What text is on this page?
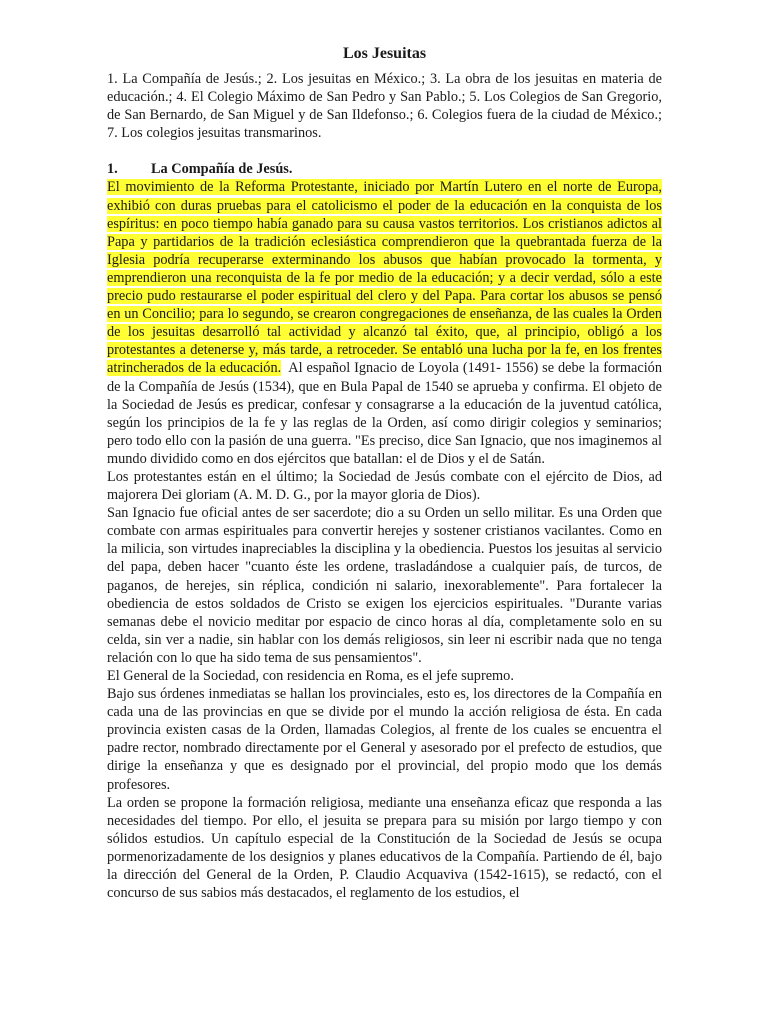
Los Jesuitas
1. La Compañía de Jesús.; 2. Los jesuitas en México.; 3. La obra de los jesuitas en materia de educación.; 4. El Colegio Máximo de San Pedro y San Pablo.; 5. Los Colegios de San Gregorio, de San Bernardo, de San Miguel y de San Ildefonso.; 6. Colegios fuera de la ciudad de México.; 7. Los colegios jesuitas transmarinos.
1. La Compañía de Jesús.

El movimiento de la Reforma Protestante, iniciado por Martín Lutero en el norte de Europa, exhibió con duras pruebas para el catolicismo el poder de la educación en la conquista de los espíritus: en poco tiempo había ganado para su causa vastos territorios. Los cristianos adictos al Papa y partidarios de la tradición eclesiástica comprendieron que la quebrantada fuerza de la Iglesia podría recuperarse exterminando los abusos que habían provocado la tormenta, y emprendieron una reconquista de la fe por medio de la educación; y a decir verdad, sólo a este precio pudo restaurarse el poder espiritual del clero y del Papa. Para cortar los abusos se pensó en un Concilio; para lo segundo, se crearon congregaciones de enseñanza, de las cuales la Orden de los jesuitas desarrolló tal actividad y alcanzó tal éxito, que, al principio, obligó a los protestantes a detenerse y, más tarde, a retroceder. Se entabló una lucha por la fe, en los frentes atrincherados de la educación. Al español Ignacio de Loyola (1491- 1556) se debe la formación de la Compañía de Jesús (1534), que en Bula Papal de 1540 se aprueba y confirma. El objeto de la Sociedad de Jesús es predicar, confesar y consagrarse a la educación de la juventud católica, según los principios de la fe y las reglas de la Orden, así como dirigir colegios y seminarios; pero todo ello con la pasión de una guerra. "Es preciso, dice San Ignacio, que nos imaginemos al mundo dividido como en dos ejércitos que batallan: el de Dios y el de Satán.

Los protestantes están en el último; la Sociedad de Jesús combate con el ejército de Dios, ad majorera Dei gloriam (A. M. D. G., por la mayor gloria de Dios).

San Ignacio fue oficial antes de ser sacerdote; dio a su Orden un sello militar. Es una Orden que combate con armas espirituales para convertir herejes y sostener cristianos vacilantes. Como en la milicia, son virtudes inapreciables la disciplina y la obediencia. Puestos los jesuitas al servicio del papa, deben hacer "cuanto éste les ordene, trasladándose a cualquier país, de turcos, de paganos, de herejes, sin réplica, condición ni salario, inexorablemente". Para fortalecer la obediencia de estos soldados de Cristo se exigen los ejercicios espirituales. "Durante varias semanas debe el novicio meditar por espacio de cinco horas al día, completamente solo en su celda, sin ver a nadie, sin hablar con los demás religiosos, sin leer ni escribir nada que no tenga relación con lo que ha sido tema de sus pensamientos".

El General de la Sociedad, con residencia en Roma, es el jefe supremo.

Bajo sus órdenes inmediatas se hallan los provinciales, esto es, los directores de la Compañía en cada una de las provincias en que se divide por el mundo la acción religiosa de ésta. En cada provincia existen casas de la Orden, llamadas Colegios, al frente de los cuales se encuentra el padre rector, nombrado directamente por el General y asesorado por el prefecto de estudios, que dirige la enseñanza y que es designado por el provincial, del propio modo que los demás profesores.

La orden se propone la formación religiosa, mediante una enseñanza eficaz que responda a las necesidades del tiempo. Por ello, el jesuita se prepara para su misión por largo tiempo y con sólidos estudios. Un capítulo especial de la Constitución de la Sociedad de Jesús se ocupa pormenorizadamente de los designios y planes educativos de la Compañía. Partiendo de él, bajo la dirección del General de la Orden, P. Claudio Acquaviva (1542-1615), se redactó, con el concurso de sus sabios más destacados, el reglamento de los estudios, el
